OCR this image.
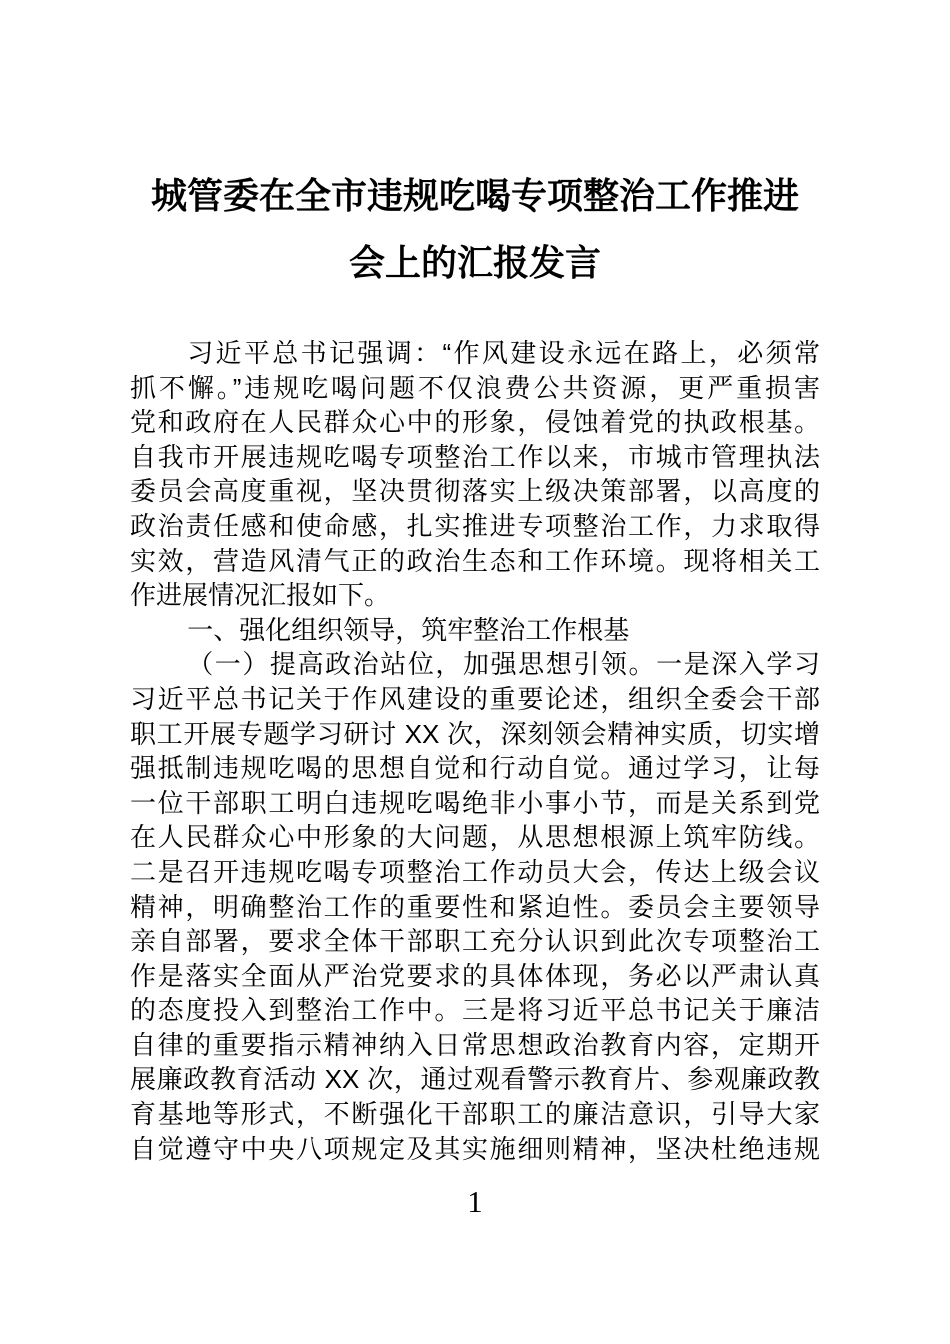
城管委在全市违规吃喝专项整治工作推进
会上的汇报发言
习近平总书记强调：“作风建设永远在路上，必须常
抓不懈。”违规吃喝问题不仅浪费公共资源，更严重损害
党和政府在人民群众心中的形象，侵蚀着党的执政根基。
自我市开展违规吃喝专项整治工作以来，市城市管理执法
委员会高度重视，坚决贯彻落实上级决策部署，以高度的
政治责任感和使命感，扎实推进专项整治工作，力求取得
实效，营造风清气正的政治生态和工作环境。现将相关工
作进展情况汇报如下。
一、强化组织领导，筑牢整治工作根基
（一）提高政治站位，加强思想引领。一是深入学习
习近平总书记关于作风建设的重要论述，组织全委会干部
职工开展专题学习研讨 XX 次，深刻领会精神实质，切实增
强抵制违规吃喝的思想自觉和行动自觉。通过学习，让每
一位干部职工明白违规吃喝绝非小事小节，而是关系到党
在人民群众心中形象的大问题，从思想根源上筑牢防线。
二是召开违规吃喝专项整治工作动员大会，传达上级会议
精神，明确整治工作的重要性和紧迫性。委员会主要领导
亲自部署，要求全体干部职工充分认识到此次专项整治工
作是落实全面从严治党要求的具体体现，务必以严肃认真
的态度投入到整治工作中。三是将习近平总书记关于廉洁
自律的重要指示精神纳入日常思想政治教育内容，定期开
展廉政教育活动 XX 次，通过观看警示教育片、参观廉政教
育基地等形式，不断强化干部职工的廉洁意识，引导大家
自觉遵守中央八项规定及其实施细则精神，坚决杜绝违规
1
